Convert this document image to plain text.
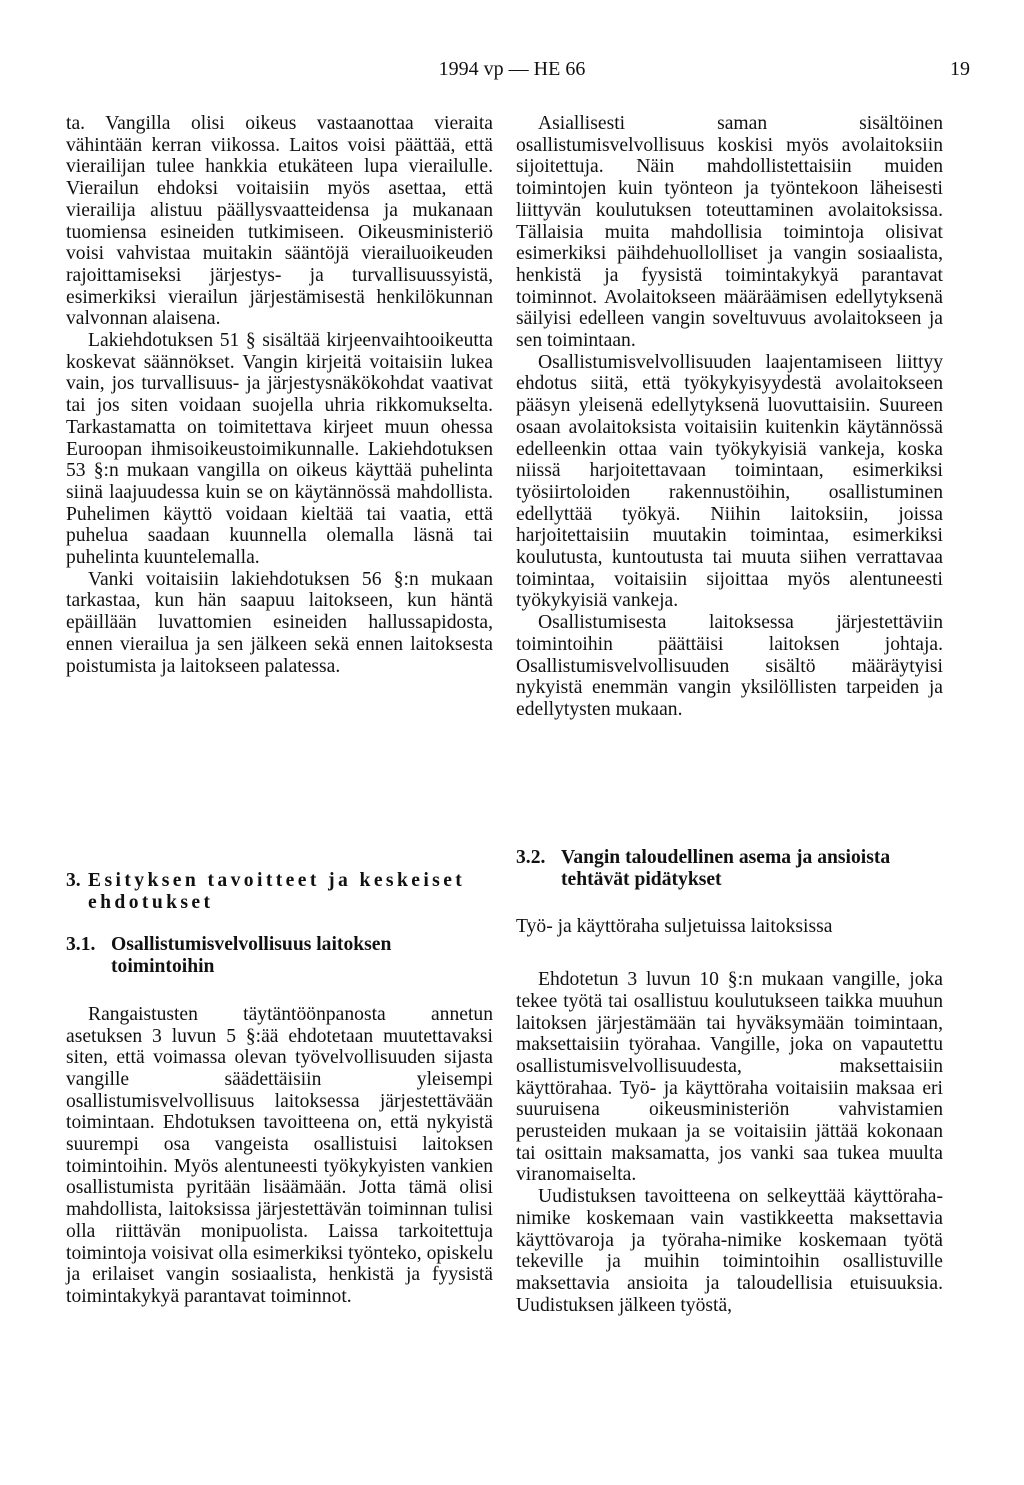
1994 vp — HE 66	19

ta. Vangilla olisi oikeus vastaanottaa vieraita vähintään kerran viikossa. Laitos voisi päättää, että vierailijan tulee hankkia etukäteen lupa vierailulle. Vierailun ehdoksi voitaisiin myös asettaa, että vierailija alistuu päällysvaatteidensa ja mukanaan tuomiensa esineiden tutkimiseen. Oikeusministeriö voisi vahvistaa muitakin sääntöjä vierailuoikeuden rajoittamiseksi järjestys- ja turvallisuussyistä, esimerkiksi vierailun järjestämisestä henkilökunnan valvonnan alaisena.

Lakiehdotuksen 51 § sisältää kirjeenvaihtooikeutta koskevat säännökset. Vangin kirjeitä voitaisiin lukea vain, jos turvallisuus- ja järjestysnäkökohdat vaativat tai jos siten voidaan suojella uhria rikkomukselta. Tarkastamatta on toimitettava kirjeet muun ohessa Euroopan ihmisoikeustoimikunnalle. Lakiehdotuksen 53 §:n mukaan vangilla on oikeus käyttää puhelinta siinä laajuudessa kuin se on käytännössä mahdollista. Puhelimen käyttö voidaan kieltää tai vaatia, että puhelua saadaan kuunnella olemalla läsnä tai puhelinta kuuntelemalla.

Vanki voitaisiin lakiehdotuksen 56 §:n mukaan tarkastaa, kun hän saapuu laitokseen, kun häntä epäillään luvattomien esineiden hallussapidosta, ennen vierailua ja sen jälkeen sekä ennen laitoksesta poistumista ja laitokseen palatessa.

Asiallisesti saman sisältöinen osallistumisvelvollisuus koskisi myös avolaitoksiin sijoitettuja. Näin mahdollistettaisiin muiden toimintojen kuin työnteon ja työntekoon läheisesti liittyvän koulutuksen toteuttaminen avolaitoksissa. Tällaisia muita mahdollisia toimintoja olisivat esimerkiksi päihdehuollolliset ja vangin sosiaalista, henkistä ja fyysistä toimintakykyä parantavat toiminnot. Avolaitokseen määräämisen edellytyksenä säilyisi edelleen vangin soveltuvuus avolaitokseen ja sen toimintaan.

Osallistumisvelvollisuuden laajentamiseen liittyy ehdotus siitä, että työkykyisyydestä avolaitokseen pääsyn yleisenä edellytyksenä luovuttaisiin. Suureen osaan avolaitoksista voitaisiin kuitenkin käytännössä edelleenkin ottaa vain työkykyisiä vankeja, koska niissä harjoitettavaan toimintaan, esimerkiksi työsiirtoloiden rakennustöihin, osallistuminen edellyttää työkyä. Niihin laitoksiin, joissa harjoitettaisiin muutakin toimintaa, esimerkiksi koulutusta, kuntoutusta tai muuta siihen verrattavaa toimintaa, voitaisiin sijoittaa myös alentuneesti työkykyisiä vankeja.

Osallistumisesta laitoksessa järjestettäviin toimintoihin päättäisi laitoksen johtaja. Osallistumisvelvollisuuden sisältö määräytyisi nykyistä enemmän vangin yksilöllisten tarpeiden ja edellytysten mukaan.

3. Esityksen tavoitteet ja keskeiset ehdotukset
3.1. Osallistumisvelvollisuus laitoksen toimintoihin

Rangaistusten täytäntöönpanosta annetun asetuksen 3 luvun 5 §:ää ehdotetaan muutettavaksi siten, että voimassa olevan työvelvollisuuden sijasta vangille säädettäisiin yleisempi osallistumisvelvollisuus laitoksessa järjestettävään toimintaan. Ehdotuksen tavoitteena on, että nykyistä suurempi osa vangeista osallistuisi laitoksen toimintoihin. Myös alentuneesti työkykyisten vankien osallistumista pyritään lisäämään. Jotta tämä olisi mahdollista, laitoksissa järjestettävän toiminnan tulisi olla riittävän monipuolista. Laissa tarkoitettuja toimintoja voisivat olla esimerkiksi työnteko, opiskelu ja erilaiset vangin sosiaalista, henkistä ja fyysistä toimintakykyä parantavat toiminnot.

3.2. Vangin taloudellinen asema ja ansioista tehtävät pidätykset

Työ- ja käyttöraha suljetuissa laitoksissa

Ehdotetun 3 luvun 10 §:n mukaan vangille, joka tekee työtä tai osallistuu koulutukseen taikka muuhun laitoksen järjestämään tai hyväksymään toimintaan, maksettaisiin työrahaa. Vangille, joka on vapautettu osallistumisvelvollisuudesta, maksettaisiin käyttörahaa. Työ- ja käyttöraha voitaisiin maksaa eri suuruisena oikeusministeriön vahvistamien perusteiden mukaan ja se voitaisiin jättää kokonaan tai osittain maksamatta, jos vanki saa tukea muulta viranomaiselta.

Uudistuksen tavoitteena on selkeyttää käyttöraha-nimike koskemaan vain vastikkeetta maksettavia käyttövaroja ja työraha-nimike koskemaan työtä tekeville ja muihin toimintoihin osallistuville maksettavia ansioita ja taloudellisia etuisuuksia. Uudistuksen jälkeen työstä,
